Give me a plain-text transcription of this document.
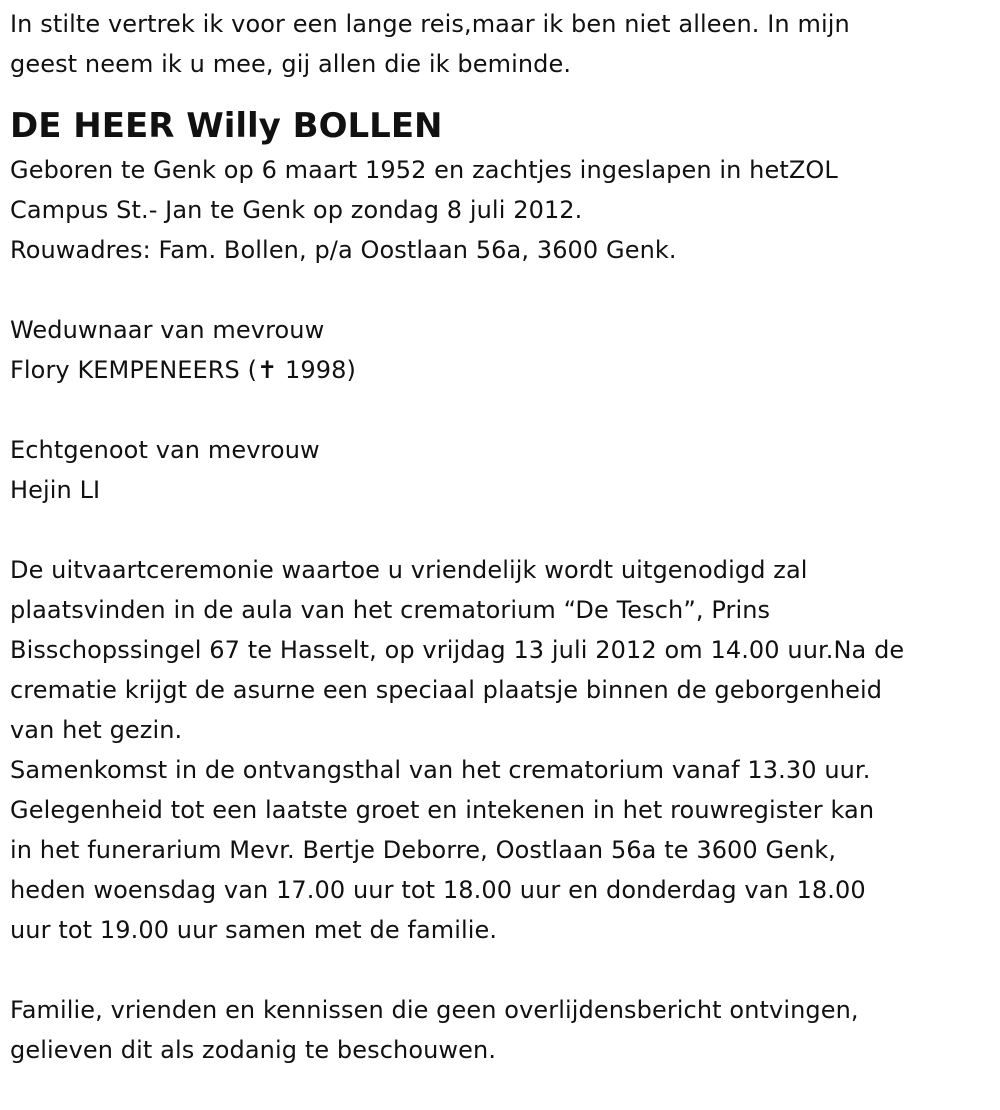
In stilte vertrek ik voor een lange reis,maar ik ben niet alleen. In mijn
geest neem ik u mee, gij allen die ik beminde.
DE HEER Willy BOLLEN
Geboren te Genk op 6 maart 1952 en zachtjes ingeslapen in hetZOL
Campus St.- Jan te Genk op zondag 8 juli 2012.
Rouwadres: Fam. Bollen, p/a Oostlaan 56a, 3600 Genk.
Weduwnaar van mevrouw
Flory KEMPENEERS (✝ 1998)
Echtgenoot van mevrouw
Hejin LI
De uitvaartceremonie waartoe u vriendelijk wordt uitgenodigd zal
plaatsvinden in de aula van het crematorium “De Tesch”, Prins
Bisschopssingel 67 te Hasselt, op vrijdag 13 juli 2012 om 14.00 uur.Na de
crematie krijgt de asurne een speciaal plaatsje binnen de geborgenheid
van het gezin.
Samenkomst in de ontvangsthal van het crematorium vanaf 13.30 uur.
Gelegenheid tot een laatste groet en intekenen in het rouwregister kan
in het funerarium Mevr. Bertje Deborre, Oostlaan 56a te 3600 Genk,
heden woensdag van 17.00 uur tot 18.00 uur en donderdag van 18.00
uur tot 19.00 uur samen met de familie.
Familie, vrienden en kennissen die geen overlijdensbericht ontvingen,
gelieven dit als zodanig te beschouwen.
